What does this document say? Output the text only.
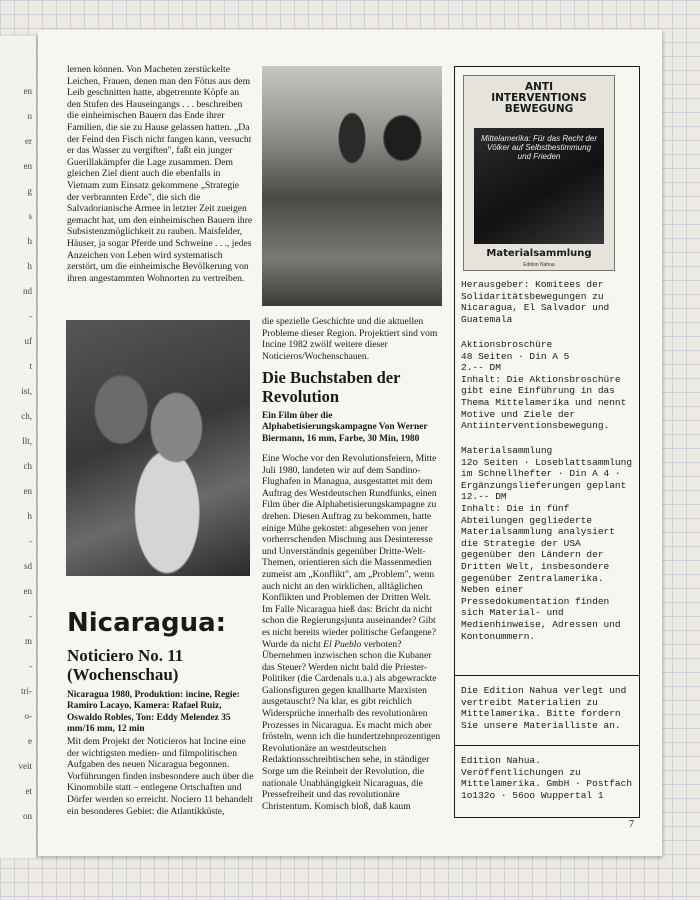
en
n
er
en
g
s
h
h
nd
-
uf
t
ist,
ch,
llt,
ch
en
h
-
sd
en
-
m
-
tri-
o-
e
veit
et
on
lernen können. Von Macheten zerstückelte Leichen, Frauen, denen man den Fötus aus dem Leib geschnitten hatte, abgetrennte Köpfe an den Stufen des Hauseingangs . . . beschreiben die einheimischen Bauern das Ende ihrer Familien, die sie zu Hause gelassen hatten. „Da der Feind den Fisch nicht fangen kann, versucht er das Wasser zu vergiften", faßt ein junger Guerillakämpfer die Lage zusammen. Dem gleichen Ziel dient auch die ebenfalls in Vietnam zum Einsatz gekommene „Strategie der verbrannten Erde", die sich die Salvadorianische Armee in letzter Zeit zueigen gemacht hat, um den einheimischen Bauern ihre Subsistenzmöglichkeit zu rauben. Maisfelder, Häuser, ja sogar Pferde und Schweine . . ., jedes Anzeichen von Leben wird systematisch zerstört, um die einheimische Bevölkerung von ihren angestammten Wohnorten zu vertreiben.
Nicaragua:
Noticiero No. 11 (Wochenschau)
Nicaragua 1980, Produktion: incine, Regie: Ramiro Lacayo, Kamera: Rafael Ruiz, Oswaldo Robles, Ton: Eddy Melendez 35 mm/16 mm, 12 min
Mit dem Projekt der Noticieros hat Incine eine der wichtigsten medien- und filmpolitischen Aufgaben des neuen Nicaragua begonnen. Vorführungen finden insbesondere auch über die Kinomobile statt – entlegene Ortschaften und Dörfer werden so erreicht. Nociero 11 behandelt ein besonderes Gebiet: die Atlantikküste,
die spezielle Geschichte und die aktuellen Probleme dieser Region. Projektiert sind vom Incine 1982 zwölf weitere dieser Noticieros/Wochenschauen.
Die Buchstaben der Revolution
Ein Film über die Alphabetisierungskampagne Von Werner Biermann, 16 mm, Farbe, 30 Min, 1980
Eine Woche vor den Revolutionsfeiern, Mitte Juli 1980, landeten wir auf dem Sandino-Flughafen in Managua, ausgestattet mit dem Auftrag des Westdeutschen Rundfunks, einen Film über die Alphabetisierungskampagne zu drehen. Diesen Auftrag zu bekommen, hatte einige Mühe gekostet: abgesehen von jener vorherrschenden Mischung aus Desinteresse und Unverständnis gegenüber Dritte-Welt-Themen, orientieren sich die Massenmedien zumeist am „Konflikt", am „Problem", wenn auch nicht an den wirklichen, alltäglichen Konflikten und Problemen der Dritten Welt. Im Falle Nicaragua hieß das: Bricht da nicht schon die Regierungsjunta auseinander? Gibt es nicht bereits wieder politische Gefangene? Wurde da nicht El Pueblo verboten? Übernehmen inzwischen schon die Kubaner das Steuer? Werden nicht bald die Priester-Politiker (die Cardenals u.a.) als abgewrackte Galionsfiguren gegen knallharte Marxisten ausgetauscht? Na klar, es gibt reichlich Widersprüche innerhalb des revolutionären Prozesses in Nicaragua. Es macht mich aber frösteln, wenn ich die hundertzehnprozentigen Revolutionäre an westdeutschen Redaktionsschreibtischen sehe, in ständiger Sorge um die Reinheit der Revolution, die nationale Unabhängigkeit Nicaraguas, die Pressefreiheit und das revolutionäre Christentum. Komisch bloß, daß kaum
ANTI
INTERVENTIONS
BEWEGUNG
Mittelamerika: Für das Recht der Völker auf Selbstbestimmung und Frieden
Materialsammlung
Edition Nahua

Herausgeber: Komitees der Solidaritätsbewegungen zu Nicaragua, El Salvador und Guatemala

Aktionsbroschüre
48 Seiten · Din A 5
2.-- DM
Inhalt: Die Aktionsbroschüre gibt eine Einführung in das Thema Mittelamerika und nennt Motive und Ziele der Antiinterventionsbewegung.
Materialsammlung
12o Seiten · Loseblattsammlung im Schnellhefter · Din A 4 · Ergänzungslieferungen geplant
12.-- DM
Inhalt: Die in fünf Abteilungen gegliederte Materialsammlung analysiert die Strategie der USA gegenüber den Ländern der Dritten Welt, insbesondere gegenüber Zentralamerika. Neben einer Pressedokumentation finden sich Material- und Medienhinweise, Adressen und Kontonummern.

Die Edition Nahua verlegt und vertreibt Materialien zu Mittelamerika. Bitte fordern Sie unsere Materialliste an.

Edition Nahua. Veröffentlichungen zu Mittelamerika. GmbH · Postfach 1o132o · 56oo Wuppertal 1

7
